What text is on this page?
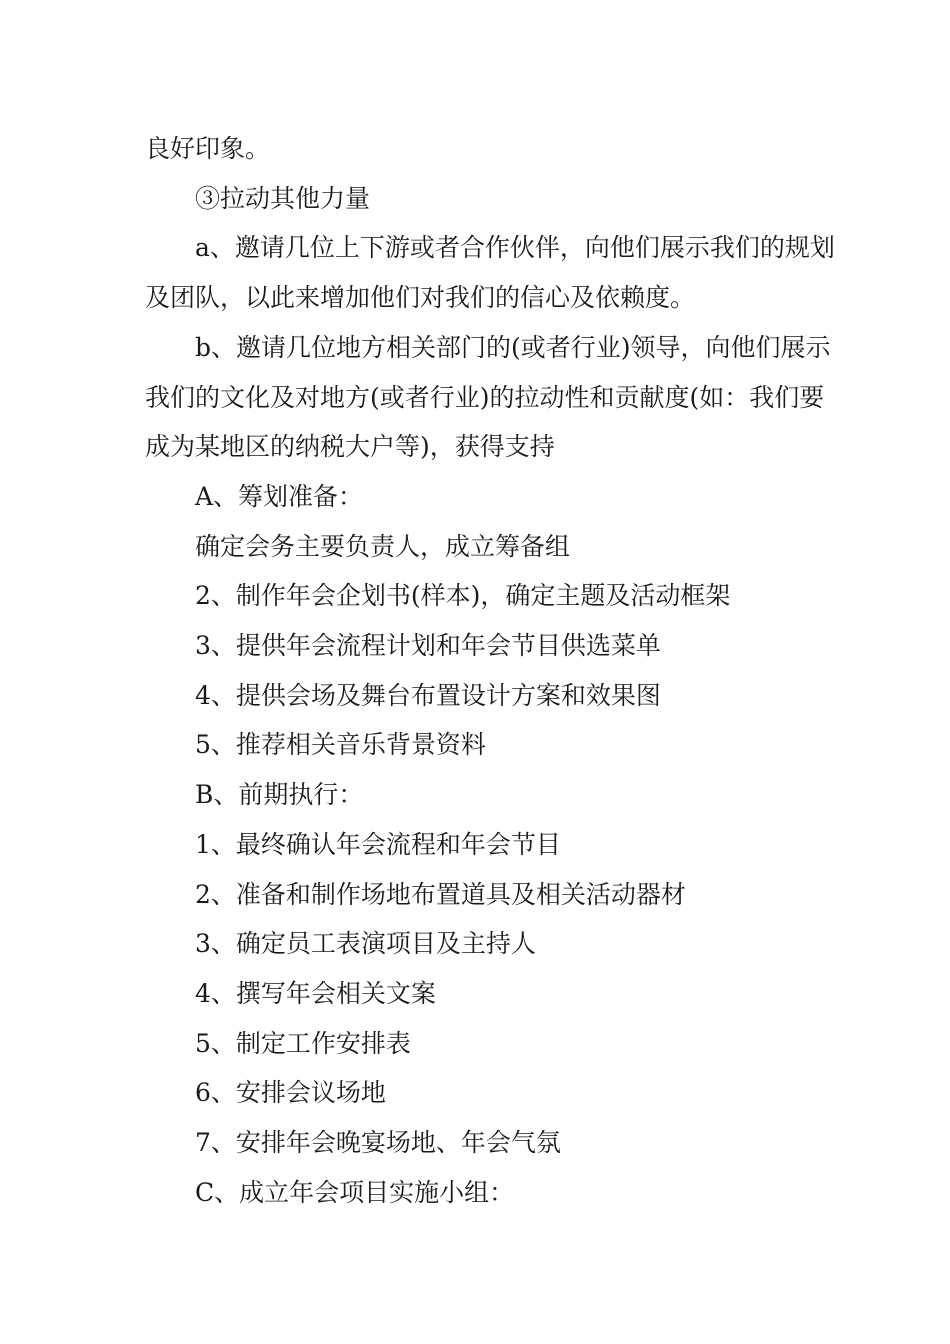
良好印象。

③拉动其他力量

a、邀请几位上下游或者合作伙伴，向他们展示我们的规划及团队，以此来增加他们对我们的信心及依赖度。

b、邀请几位地方相关部门的(或者行业)领导，向他们展示我们的文化及对地方(或者行业)的拉动性和贡献度(如：我们要成为某地区的纳税大户等)，获得支持

A、筹划准备：

确定会务主要负责人，成立筹备组

2、制作年会企划书(样本)，确定主题及活动框架

3、提供年会流程计划和年会节目供选菜单

4、提供会场及舞台布置设计方案和效果图

5、推荐相关音乐背景资料

B、前期执行：

1、最终确认年会流程和年会节目

2、准备和制作场地布置道具及相关活动器材

3、确定员工表演项目及主持人

4、撰写年会相关文案

5、制定工作安排表

6、安排会议场地

7、安排年会晚宴场地、年会气氛

C、成立年会项目实施小组：
